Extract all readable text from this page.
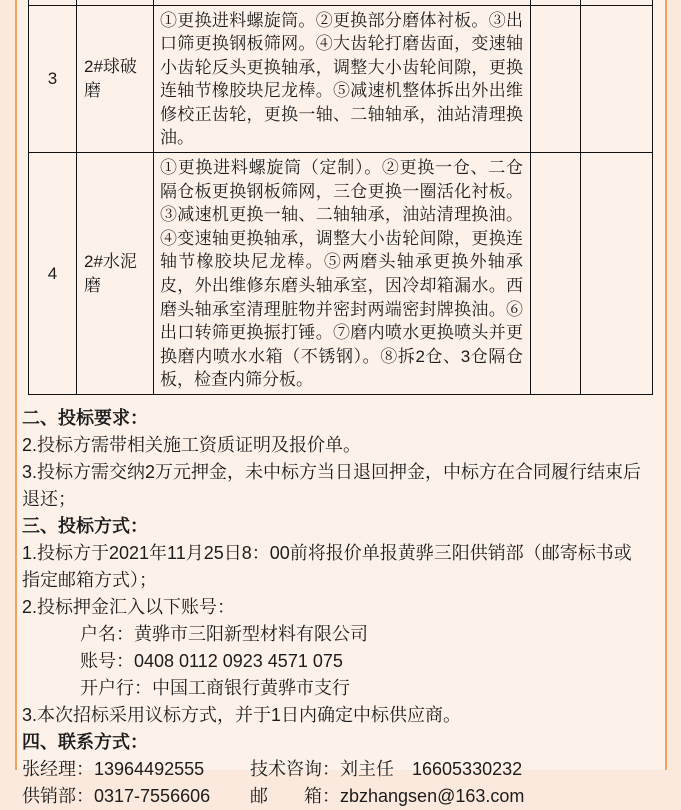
3	2#球破磨	①更换进料螺旋筒。②更换部分磨体衬板。③出口筛更换钢板筛网。④大齿轮打磨齿面，变速轴小齿轮反头更换轴承，调整大小齿轮间隙，更换连轴节橡胶块尼龙棒。⑤减速机整体拆出外出维修校正齿轮，更换一轴、二轴轴承，油站清理换油。		
4	2#水泥磨	①更换进料螺旋筒（定制）。②更换一仓、二仓隔仓板更换钢板筛网，三仓更换一圈活化衬板。③减速机更换一轴、二轴轴承，油站清理换油。④变速轴更换轴承，调整大小齿轮间隙，更换连轴节橡胶块尼龙棒。⑤两磨头轴承更换外轴承皮，外出维修东磨头轴承室，因冷却箱漏水。西磨头轴承室清理脏物并密封两端密封牌换油。⑥出口转筛更换振打锤。⑦磨内喷水更换喷头并更换磨内喷水水箱（不锈钢）。⑧拆2仓、3仓隔仓板，检查内筛分板。		

二、投标要求：

2.投标方需带相关施工资质证明及报价单。

3.投标方需交纳2万元押金，未中标方当日退回押金，中标方在合同履行结束后退还；

三、投标方式：

1.投标方于2021年11月25日8：00前将报价单报黄骅三阳供销部（邮寄标书或指定邮箱方式）；

2.投标押金汇入以下账号：

户名：黄骅市三阳新型材料有限公司

账号：0408 0112 0923 4571 075

开户行：中国工商银行黄骅市支行

3.本次招标采用议标方式，并于1日内确定中标供应商。

四、联系方式：

张经理：13964492555	技术咨询：刘主任　16605330232

供销部：0317-7556606	邮　　箱：zbzhangsen@163.com
